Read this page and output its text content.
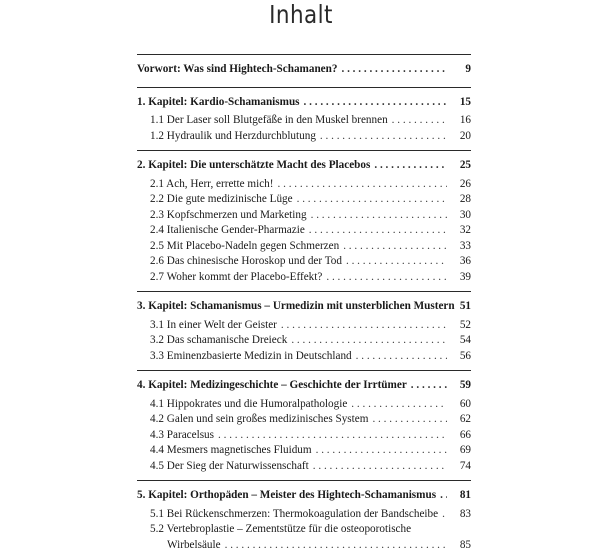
Inhalt
Vorwort: Was sind Hightech-Schamanen? . . .	9
1. Kapitel: Kardio-Schamanismus . . .	15
1.1 Der Laser soll Blutgefäße in den Muskel brennen . . .	16
1.2 Hydraulik und Herzdurchblutung . . .	20
2. Kapitel: Die unterschätzte Macht des Placebos . . .	25
2.1 Ach, Herr, errette mich! . . .	26
2.2 Die gute medizinische Lüge . . .	28
2.3 Kopfschmerzen und Marketing . . .	30
2.4 Italienische Gender-Pharmazie . . .	32
2.5 Mit Placebo-Nadeln gegen Schmerzen . . .	33
2.6 Das chinesische Horoskop und der Tod . . .	36
2.7 Woher kommt der Placebo-Effekt? . . .	39
3. Kapitel: Schamanismus – Urmedizin mit unsterblichen Mustern 51
3.1 In einer Welt der Geister . . .	52
3.2 Das schamanische Dreieck . . .	54
3.3 Eminenzbasierte Medizin in Deutschland . . .	56
4. Kapitel: Medizingeschichte – Geschichte der Irrtümer . . .	59
4.1 Hippokrates und die Humoralpathologie . . .	60
4.2 Galen und sein großes medizinisches System . . .	62
4.3 Paracelsus . . .	66
4.4 Mesmers magnetisches Fluidum . . .	69
4.5 Der Sieg der Naturwissenschaft . . .	74
5. Kapitel: Orthopäden – Meister des Hightech-Schamanismus . . . 81
5.1 Bei Rückenschmerzen: Thermokoagulation der Bandscheibe . . . 83
5.2 Vertebroplastie – Zementstütze für die osteoporotische
Wirbelsäule . . .	85
